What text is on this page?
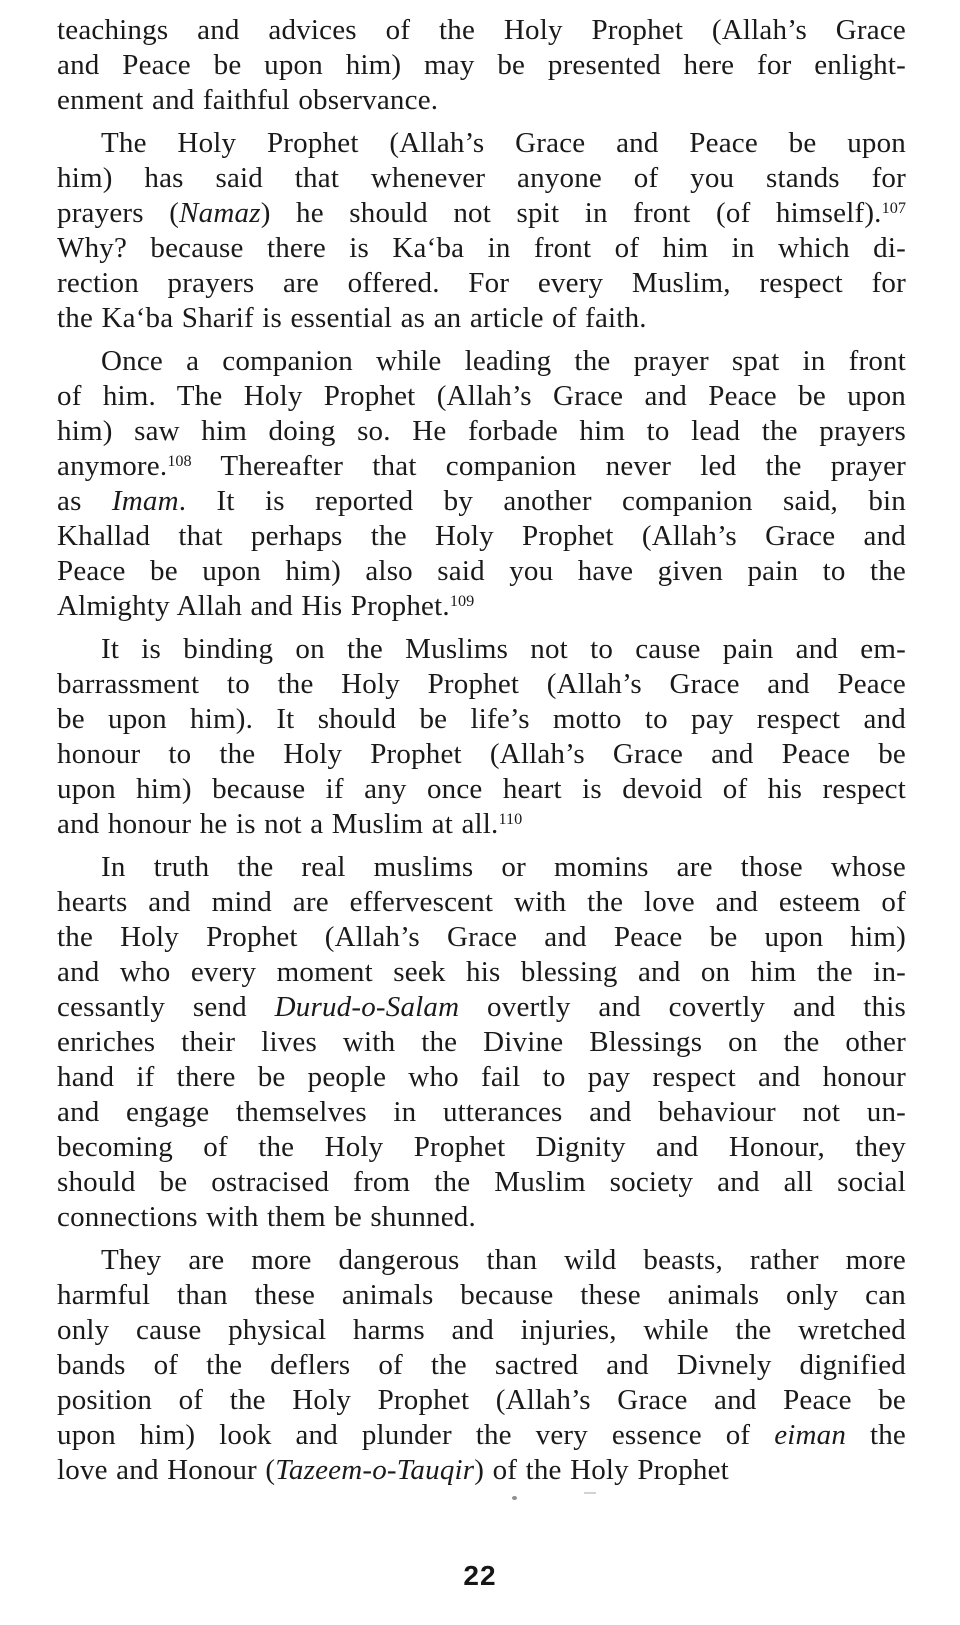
teachings and advices of the Holy Prophet (Allah’s Grace
and Peace be upon him) may be presented here for enlight-
enment and faithful observance.
The Holy Prophet (Allah’s Grace and Peace be upon
him) has said that whenever anyone of you stands for
prayers (Namaz) he should not spit in front (of himself).$^{107}$
Why? because there is Ka‘ba in front of him in which di-
rection prayers are offered. For every Muslim, respect for
the Ka‘ba Sharif is essential as an article of faith.
Once a companion while leading the prayer spat in front
of him. The Holy Prophet (Allah’s Grace and Peace be upon
him) saw him doing so. He forbade him to lead the prayers
anymore.$^{108}$ Thereafter that companion never led the prayer
as Imam. It is reported by another companion said, bin
Khallad that perhaps the Holy Prophet (Allah’s Grace and
Peace be upon him) also said you have given pain to the
Almighty Allah and His Prophet.$^{109}$
It is binding on the Muslims not to cause pain and em-
barrassment to the Holy Prophet (Allah’s Grace and Peace
be upon him). It should be life’s motto to pay respect and
honour to the Holy Prophet (Allah’s Grace and Peace be
upon him) because if any once heart is devoid of his respect
and honour he is not a Muslim at all.$^{110}$
In truth the real muslims or momins are those whose
hearts and mind are effervescent with the love and esteem of
the Holy Prophet (Allah’s Grace and Peace be upon him)
and who every moment seek his blessing and on him the in-
cessantly send Durud-o-Salam overtly and covertly and this
enriches their lives with the Divine Blessings on the other
hand if there be people who fail to pay respect and honour
and engage themselves in utterances and behaviour not un-
becoming of the Holy Prophet Dignity and Honour, they
should be ostracised from the Muslim society and all social
connections with them be shunned.
They are more dangerous than wild beasts, rather more
harmful than these animals because these animals only can
only cause physical harms and injuries, while the wretched
bands of the deflers of the sactred and Divnely dignified
position of the Holy Prophet (Allah’s Grace and Peace be
upon him) look and plunder the very essence of eiman the
love and Honour (Tazeem-o-Tauqir) of the Holy Prophet
22
